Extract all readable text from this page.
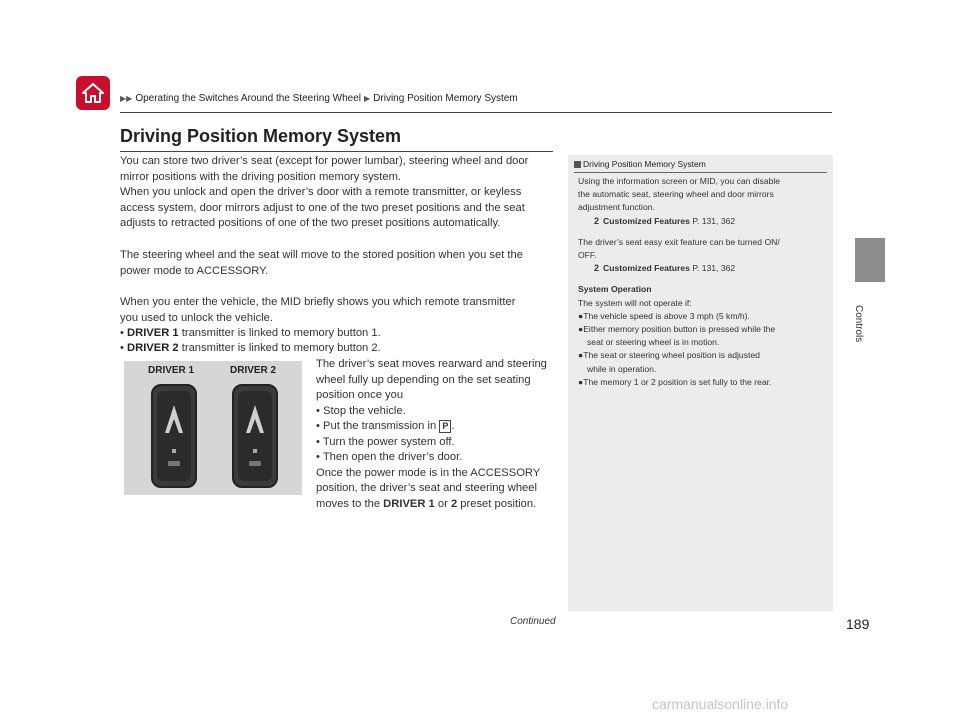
▶▶ Operating the Switches Around the Steering Wheel ▶ Driving Position Memory System
Driving Position Memory System
You can store two driver’s seat (except for power lumbar), steering wheel and door
mirror positions with the driving position memory system.
When you unlock and open the driver’s door with a remote transmitter, or keyless
access system, door mirrors adjust to one of the two preset positions and the seat
adjusts to retracted positions of one of the two preset positions automatically.
The steering wheel and the seat will move to the stored position when you set the
power mode to ACCESSORY.
When you enter the vehicle, the MID briefly shows you which remote transmitter
you used to unlock the vehicle.
• DRIVER 1 transmitter is linked to memory button 1.
• DRIVER 2 transmitter is linked to memory button 2.
DRIVER 1	DRIVER 2
The driver’s seat moves rearward and steering
wheel fully up depending on the set seating
position once you
• Stop the vehicle.
• Put the transmission in P .
• Turn the power system off.
• Then open the driver’s door.
Once the power mode is in the ACCESSORY
position, the driver’s seat and steering wheel
moves to the DRIVER 1 or 2 preset position.
Driving Position Memory System
Using the information screen or MID, you can disable
the automatic seat, steering wheel and door mirrors
adjustment function.
2 Customized Features P. 131, 362
The driver’s seat easy exit feature can be turned ON/
OFF.
2 Customized Features P. 131, 362
System Operation
The system will not operate if:
●The vehicle speed is above 3 mph (5 km/h).
●Either memory position button is pressed while the
seat or steering wheel is in motion.
●The seat or steering wheel position is adjusted
while in operation.
●The memory 1 or 2 position is set fully to the rear.
Controls
Continued	189
carmanualsonline.info
